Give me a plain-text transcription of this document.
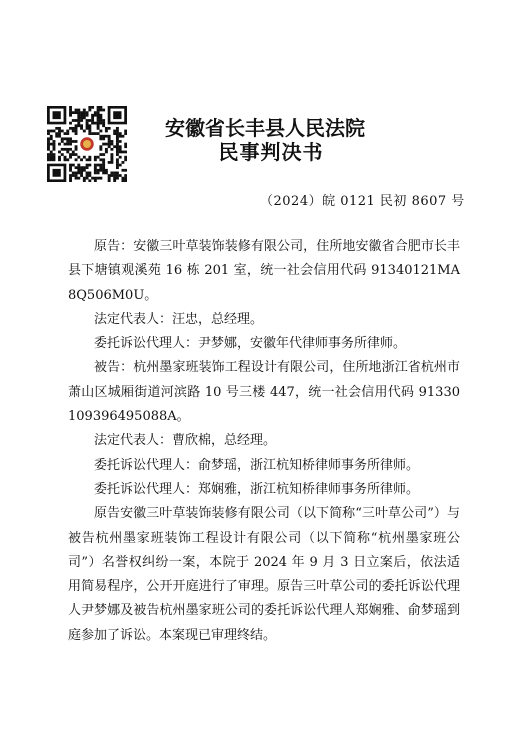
安徽省长丰县人民法院
民事判决书
（2024）皖 0121 民初 8607 号

原告：安徽三叶草装饰装修有限公司，住所地安徽省合肥市长丰县下塘镇观溪苑 16 栋 201 室，统一社会信用代码 91340121MA8Q506M0U。

法定代表人：汪忠，总经理。

委托诉讼代理人：尹梦娜，安徽年代律师事务所律师。

被告：杭州墨家班装饰工程设计有限公司，住所地浙江省杭州市萧山区城厢街道河滨路 10 号三楼 447，统一社会信用代码 91330109396495088A。

法定代表人：曹欣棉，总经理。

委托诉讼代理人：俞梦瑶，浙江杭知桥律师事务所律师。

委托诉讼代理人：郑娴雅，浙江杭知桥律师事务所律师。

原告安徽三叶草装饰装修有限公司（以下简称“三叶草公司”）与被告杭州墨家班装饰工程设计有限公司（以下简称“杭州墨家班公司”）名誉权纠纷一案，本院于 2024 年 9 月 3 日立案后，依法适用简易程序，公开开庭进行了审理。原告三叶草公司的委托诉讼代理人尹梦娜及被告杭州墨家班公司的委托诉讼代理人郑娴雅、俞梦瑶到庭参加了诉讼。本案现已审理终结。
